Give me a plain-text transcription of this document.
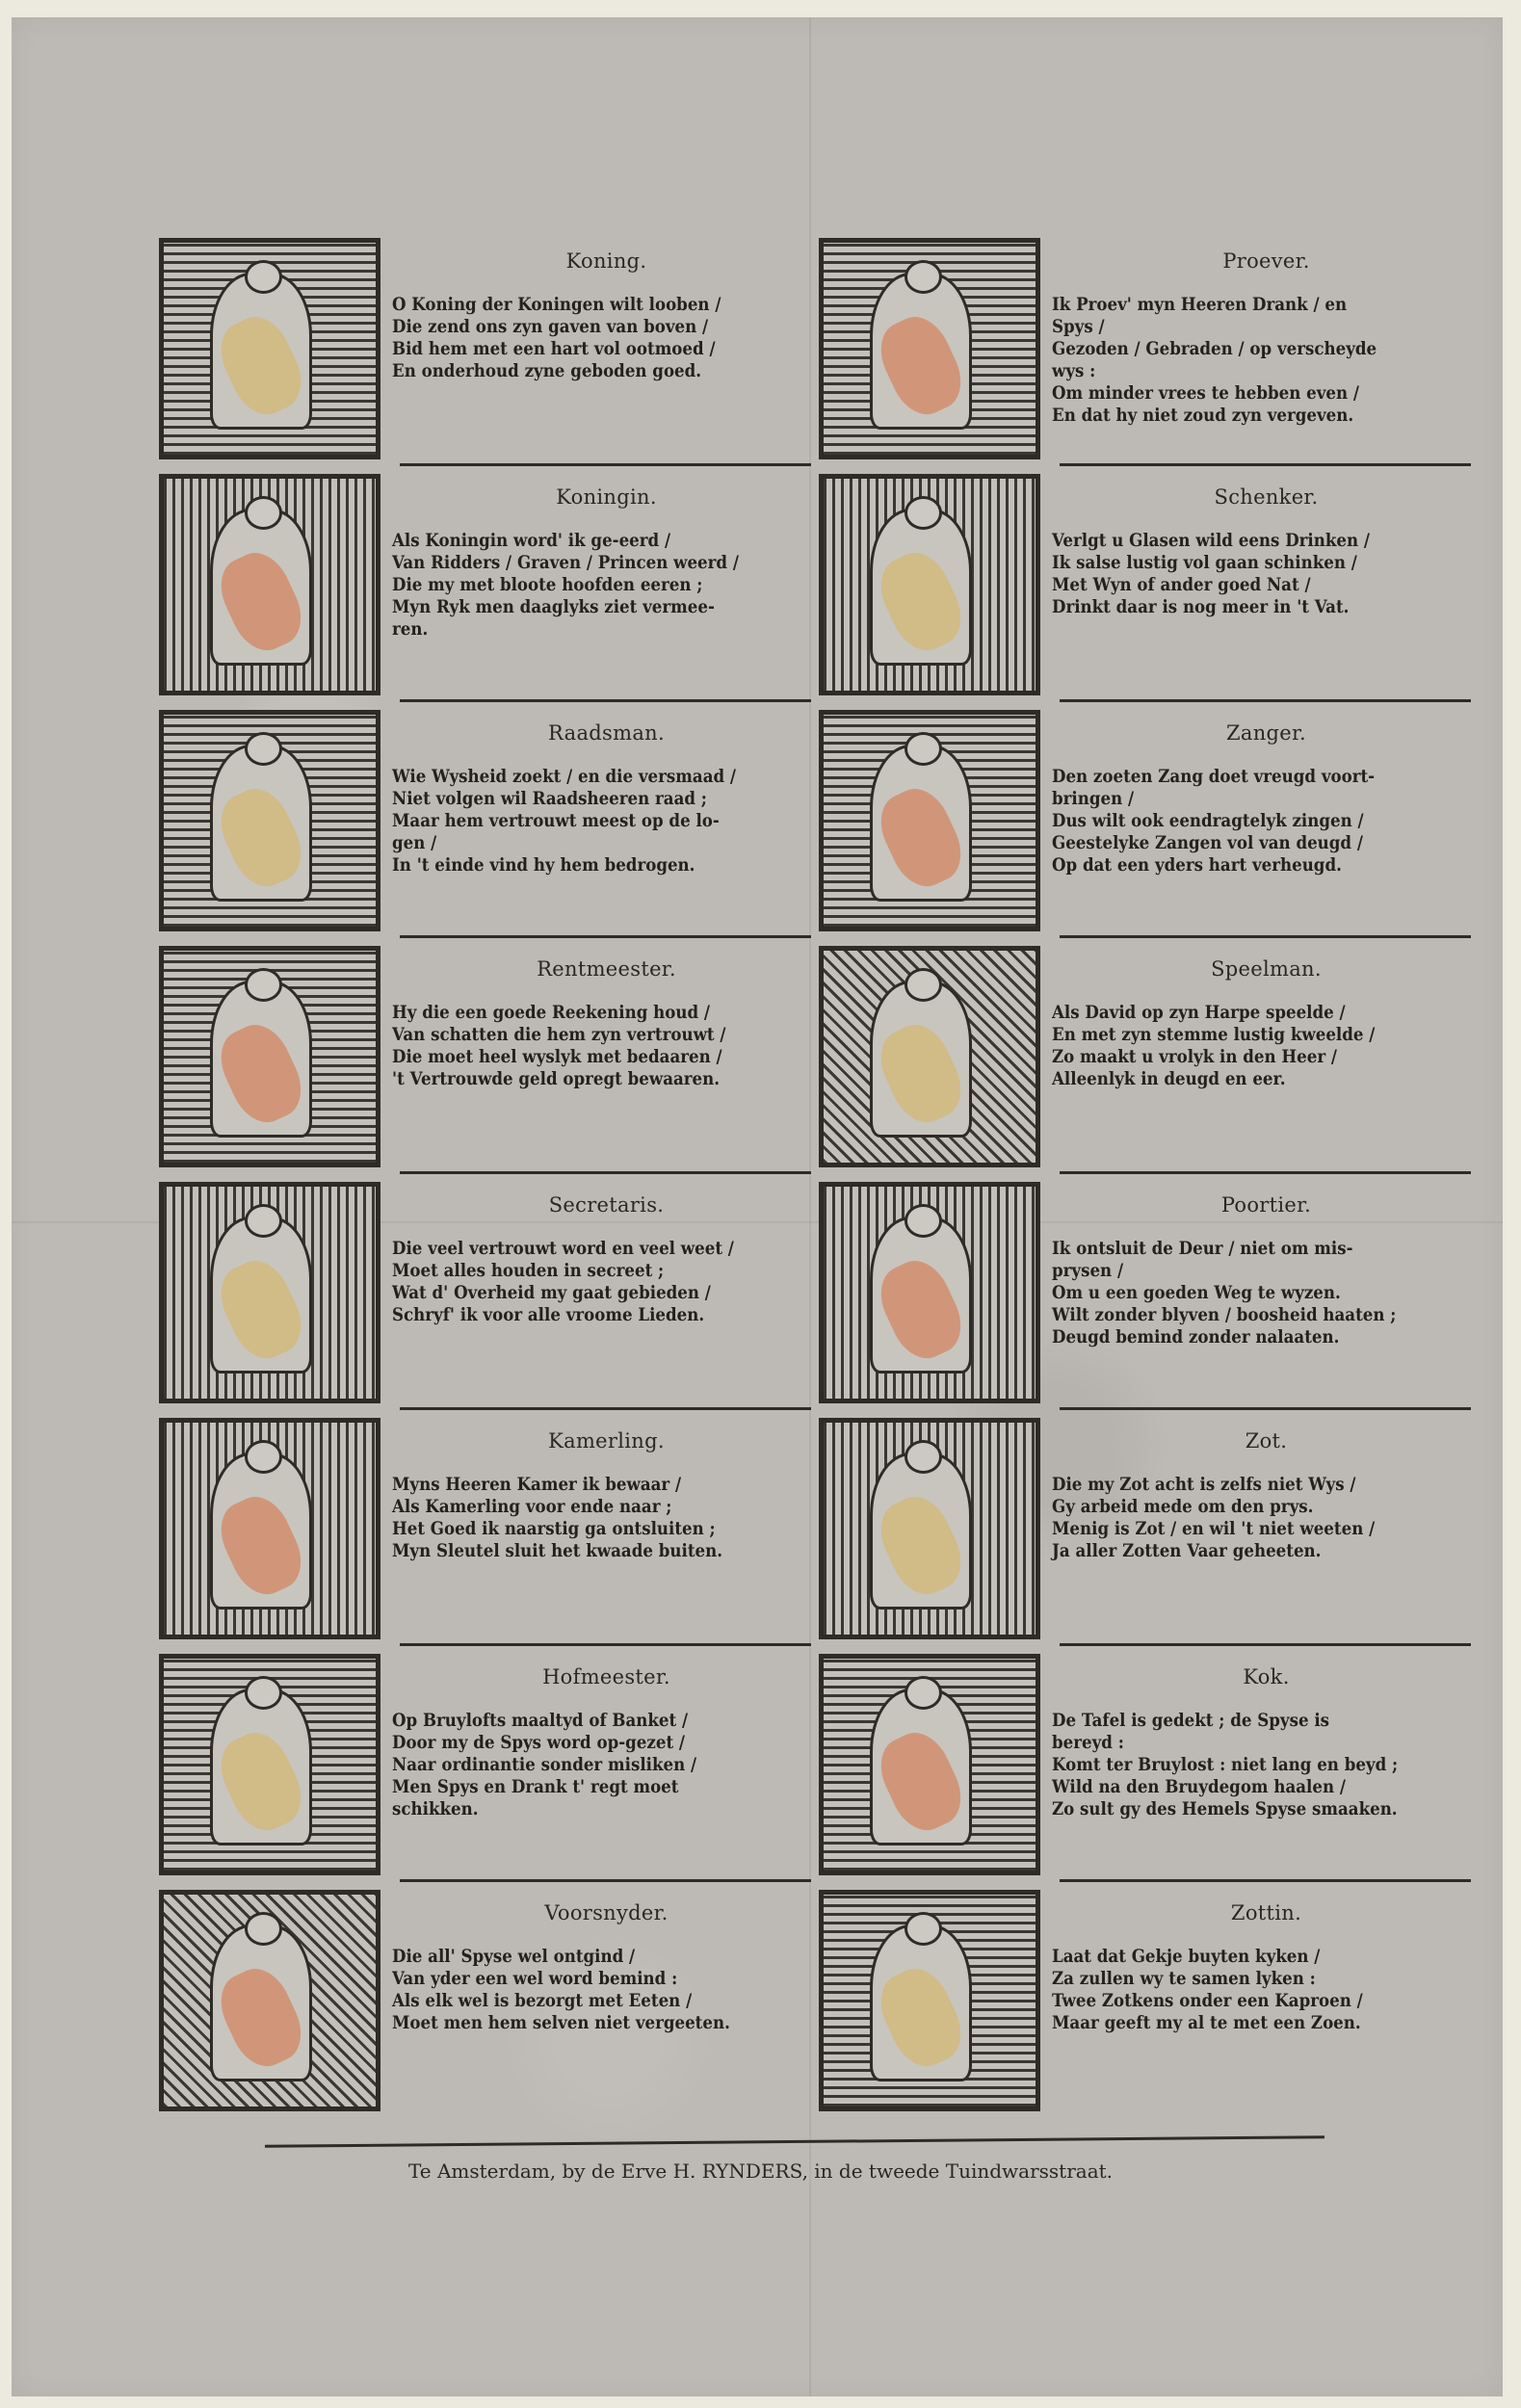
Koning.
O Koning der Koningen wilt looben /
Die zend ons zyn gaven van boven /
Bid hem met een hart vol ootmoed /
En onderhoud zyne geboden goed.
Proever.
Ik Proev' myn Heeren Drank / en
Spys /
Gezoden / Gebraden / op verscheyde
wys :
Om minder vrees te hebben even /
En dat hy niet zoud zyn vergeven.
Koningin.
Als Koningin word' ik ge-eerd /
Van Ridders / Graven / Princen weerd /
Die my met bloote hoofden eeren ;
Myn Ryk men daaglyks ziet vermee-
ren.
Schenker.
Verlgt u Glasen wild eens Drinken /
Ik salse lustig vol gaan schinken /
Met Wyn of ander goed Nat /
Drinkt daar is nog meer in 't Vat.
Raadsman.
Wie Wysheid zoekt / en die versmaad /
Niet volgen wil Raadsheeren raad ;
Maar hem vertrouwt meest op de lo-
gen /
In 't einde vind hy hem bedrogen.
Zanger.
Den zoeten Zang doet vreugd voort-
bringen /
Dus wilt ook eendragtelyk zingen /
Geestelyke Zangen vol van deugd /
Op dat een yders hart verheugd.
Rentmeester.
Hy die een goede Reekening houd /
Van schatten die hem zyn vertrouwt /
Die moet heel wyslyk met bedaaren /
't Vertrouwde geld opregt bewaaren.
Speelman.
Als David op zyn Harpe speelde /
En met zyn stemme lustig kweelde /
Zo maakt u vrolyk in den Heer /
Alleenlyk in deugd en eer.
Secretaris.
Die veel vertrouwt word en veel weet /
Moet alles houden in secreet ;
Wat d' Overheid my gaat gebieden /
Schryf' ik voor alle vroome Lieden.
Poortier.
Ik ontsluit de Deur / niet om mis-
prysen /
Om u een goeden Weg te wyzen.
Wilt zonder blyven / boosheid haaten ;
Deugd bemind zonder nalaaten.
Kamerling.
Myns Heeren Kamer ik bewaar /
Als Kamerling voor ende naar ;
Het Goed ik naarstig ga ontsluiten ;
Myn Sleutel sluit het kwaade buiten.
Zot.
Die my Zot acht is zelfs niet Wys /
Gy arbeid mede om den prys.
Menig is Zot / en wil 't niet weeten /
Ja aller Zotten Vaar geheeten.
Hofmeester.
Op Bruylofts maaltyd of Banket /
Door my de Spys word op-gezet /
Naar ordinantie sonder misliken /
Men Spys en Drank t' regt moet
schikken.
Kok.
De Tafel is gedekt ; de Spyse is
bereyd :
Komt ter Bruylost : niet lang en beyd ;
Wild na den Bruydegom haalen /
Zo sult gy des Hemels Spyse smaaken.
Voorsnyder.
Die all' Spyse wel ontgind /
Van yder een wel word bemind :
Als elk wel is bezorgt met Eeten /
Moet men hem selven niet vergeeten.
Zottin.
Laat dat Gekje buyten kyken /
Za zullen wy te samen lyken :
Twee Zotkens onder een Kaproen /
Maar geeft my al te met een Zoen.
Te Amsterdam, by de Erve H. RYNDERS, in de tweede Tuindwarsstraat.
